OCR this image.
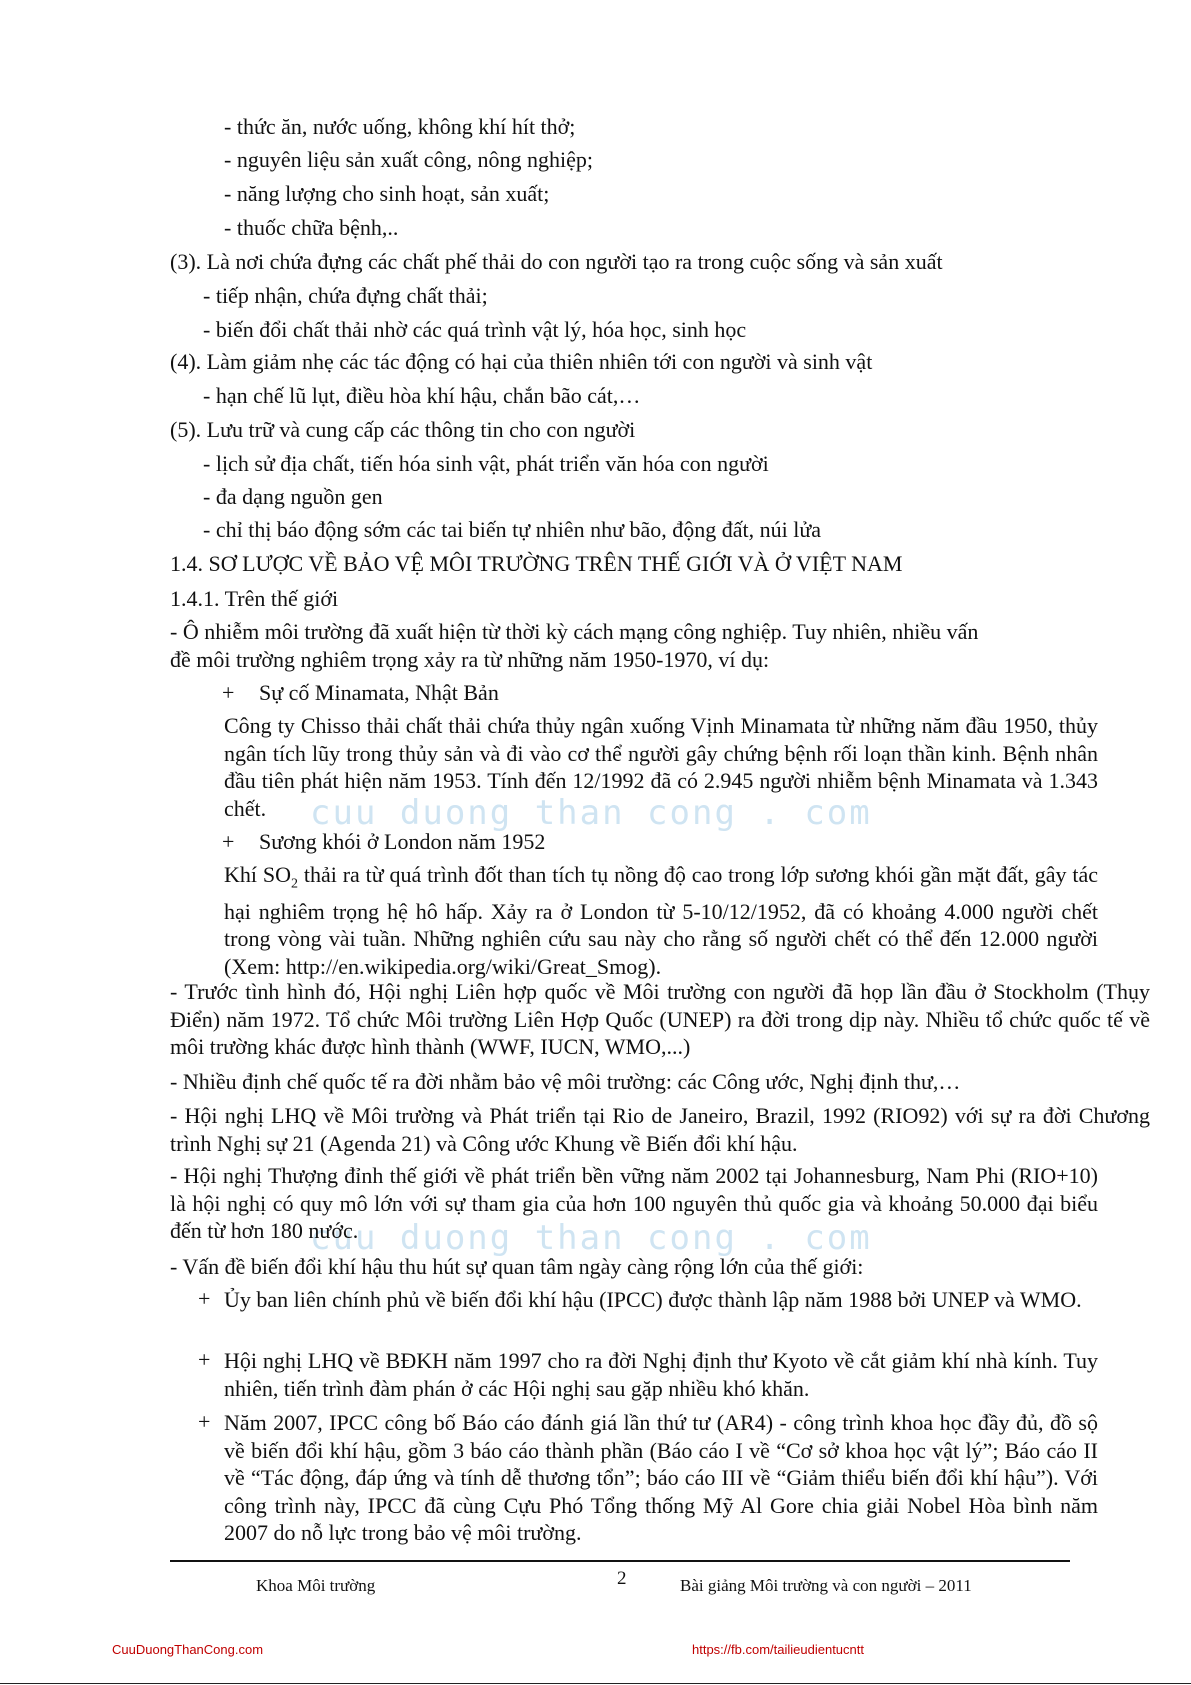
cuu duong than cong . com
cuu duong than cong . com
- thức ăn, nước uống, không khí hít thở;
- nguyên liệu sản xuất công, nông nghiệp;
- năng lượng cho sinh hoạt, sản xuất;
- thuốc chữa bệnh,..
(3). Là nơi chứa đựng các chất phế thải do con người tạo ra trong cuộc sống và sản xuất
- tiếp nhận, chứa đựng chất thải;
- biến đổi chất thải nhờ các quá trình vật lý, hóa học, sinh học
(4). Làm giảm nhẹ các tác động có hại của thiên nhiên tới con người và sinh vật
- hạn chế lũ lụt, điều hòa khí hậu, chắn bão cát,…
(5). Lưu trữ và cung cấp các thông tin cho con người
- lịch sử địa chất, tiến hóa sinh vật, phát triển văn hóa con người
- đa dạng nguồn gen
- chỉ thị báo động sớm các tai biến tự nhiên như bão, động đất, núi lửa
1.4. SƠ LƯỢC VỀ BẢO VỆ MÔI TRƯỜNG TRÊN THẾ GIỚI VÀ Ở VIỆT NAM
1.4.1. Trên thế giới
- Ô nhiễm môi trường đã xuất hiện từ thời kỳ cách mạng công nghiệp. Tuy nhiên, nhiều vấn
đề môi trường nghiêm trọng xảy ra từ những năm 1950-1970, ví dụ:
+ Sự cố Minamata, Nhật Bản
Công ty Chisso thải chất thải chứa thủy ngân xuống Vịnh Minamata từ những năm đầu 1950, thủy ngân tích lũy trong thủy sản và đi vào cơ thể người gây chứng bệnh rối loạn thần kinh. Bệnh nhân đầu tiên phát hiện năm 1953. Tính đến 12/1992 đã có 2.945 người nhiễm bệnh Minamata và 1.343 chết.
+ Sương khói ở London năm 1952
Khí $SO_2$ thải ra từ quá trình đốt than tích tụ nồng độ cao trong lớp sương khói gần mặt đất, gây tác hại nghiêm trọng hệ hô hấp. Xảy ra ở London từ 5-10/12/1952, đã có khoảng 4.000 người chết trong vòng vài tuần. Những nghiên cứu sau này cho rằng số người chết có thể đến 12.000 người (Xem: http://en.wikipedia.org/wiki/Great_Smog).
- Trước tình hình đó, Hội nghị Liên hợp quốc về Môi trường con người đã họp lần đầu ở Stockholm (Thụy Điển) năm 1972. Tổ chức Môi trường Liên Hợp Quốc (UNEP) ra đời trong dịp này. Nhiều tổ chức quốc tế về môi trường khác được hình thành (WWF, IUCN, WMO,...)
- Nhiều định chế quốc tế ra đời nhằm bảo vệ môi trường: các Công ước, Nghị định thư,…
- Hội nghị LHQ về Môi trường và Phát triển tại Rio de Janeiro, Brazil, 1992 (RIO92) với sự ra đời Chương trình Nghị sự 21 (Agenda 21) và Công ước Khung về Biến đổi khí hậu.
- Hội nghị Thượng đỉnh thế giới về phát triển bền vững năm 2002 tại Johannesburg, Nam Phi (RIO+10) là hội nghị có quy mô lớn với sự tham gia của hơn 100 nguyên thủ quốc gia và khoảng 50.000 đại biểu đến từ hơn 180 nước.
- Vấn đề biến đổi khí hậu thu hút sự quan tâm ngày càng rộng lớn của thế giới:
+ Ủy ban liên chính phủ về biến đổi khí hậu (IPCC) được thành lập năm 1988 bởi UNEP và WMO.
+ Hội nghị LHQ về BĐKH năm 1997 cho ra đời Nghị định thư Kyoto về cắt giảm khí nhà kính. Tuy nhiên, tiến trình đàm phán ở các Hội nghị sau gặp nhiều khó khăn.
+ Năm 2007, IPCC công bố Báo cáo đánh giá lần thứ tư (AR4) - công trình khoa học đầy đủ, đồ sộ về biến đổi khí hậu, gồm 3 báo cáo thành phần (Báo cáo I về “Cơ sở khoa học vật lý”; Báo cáo II về “Tác động, đáp ứng và tính dễ thương tổn”; báo cáo III về “Giảm thiểu biến đổi khí hậu”). Với công trình này, IPCC đã cùng Cựu Phó Tổng thống Mỹ Al Gore chia giải Nobel Hòa bình năm 2007 do nỗ lực trong bảo vệ môi trường.
Khoa Môi trường	2	Bài giảng Môi trường và con người – 2011
CuuDuongThanCong.com	https://fb.com/tailieudientucntt
